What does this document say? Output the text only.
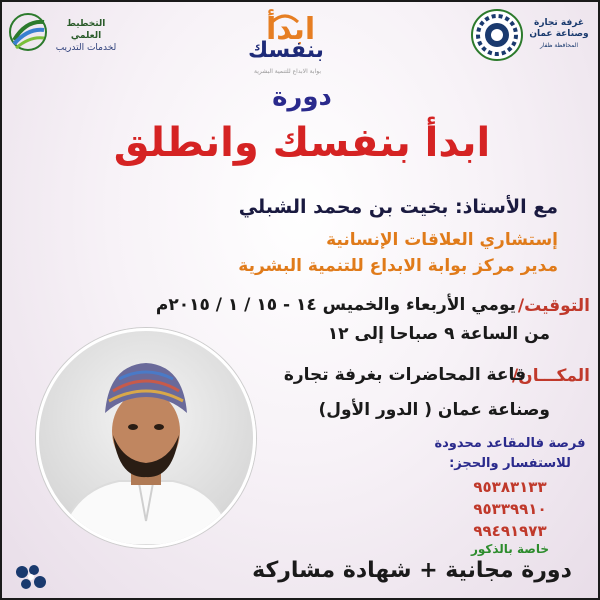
التخطيط العلمي
لخدمات التدريب
ابدأ
بنفسك
بوابة الابداع للتنمية البشرية
غرفة تجارة
وصناعة عمان
المحافظة ظفار
دورة
ابدأ بنفسك وانطلق
مع الأستاذ: بخيت بن محمد الشبلي
إستشاري العلاقات الإنسانية
مدير مركز بوابة الابداع للتنمية البشرية
التوقيت/
يومي الأربعاء والخميس ١٤ - ١٥ / ١ / ٢٠١٥م
من الساعة ٩ صباحا إلى ١٢
المكـــان/
قاعة المحاضرات بغرفة تجارة
وصناعة عمان ( الدور الأول)
فرصة فالمقاعد محدودة
للاستفسار والحجز:
٩٥٣٨٣١٣٣
٩٥٣٣٩٩١٠
٩٩٤٩١٩٧٣
خاصة بالذكور
دورة مجانية + شهادة مشاركة
